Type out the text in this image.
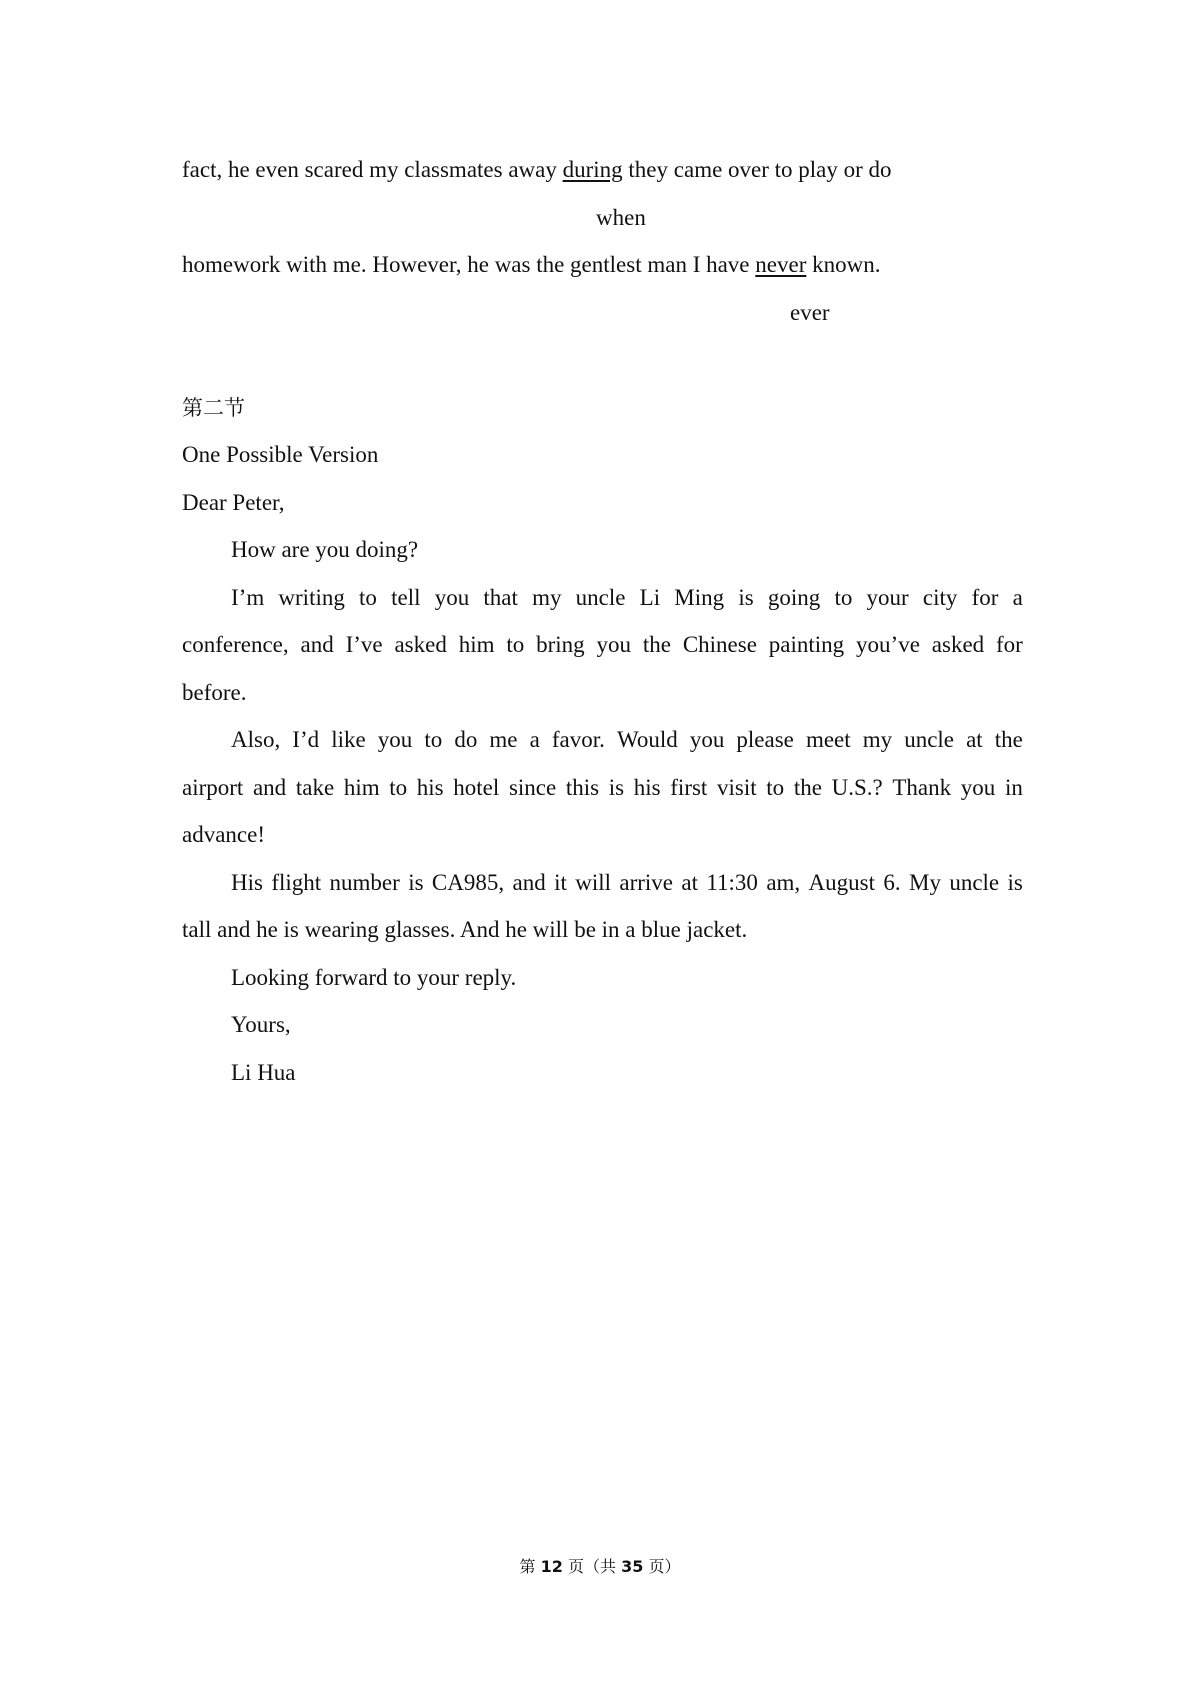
fact, he even scared my classmates away during they came over to play or do
when
homework with me. However, he was the gentlest man I have never known.
ever
第二节
One Possible Version
Dear Peter,
How are you doing?
I’m writing to tell you that my uncle Li Ming is going to your city for a
conference, and I’ve asked him to bring you the Chinese painting you’ve asked for
before.
Also, I’d like you to do me a favor. Would you please meet my uncle at the
airport and take him to his hotel since this is his first visit to the U.S.? Thank you in
advance!
His flight number is CA985, and it will arrive at 11:30 am, August 6. My uncle is
tall and he is wearing glasses. And he will be in a blue jacket.
Looking forward to your reply.
Yours,
Li Hua
第 12 页（共 35 页）
